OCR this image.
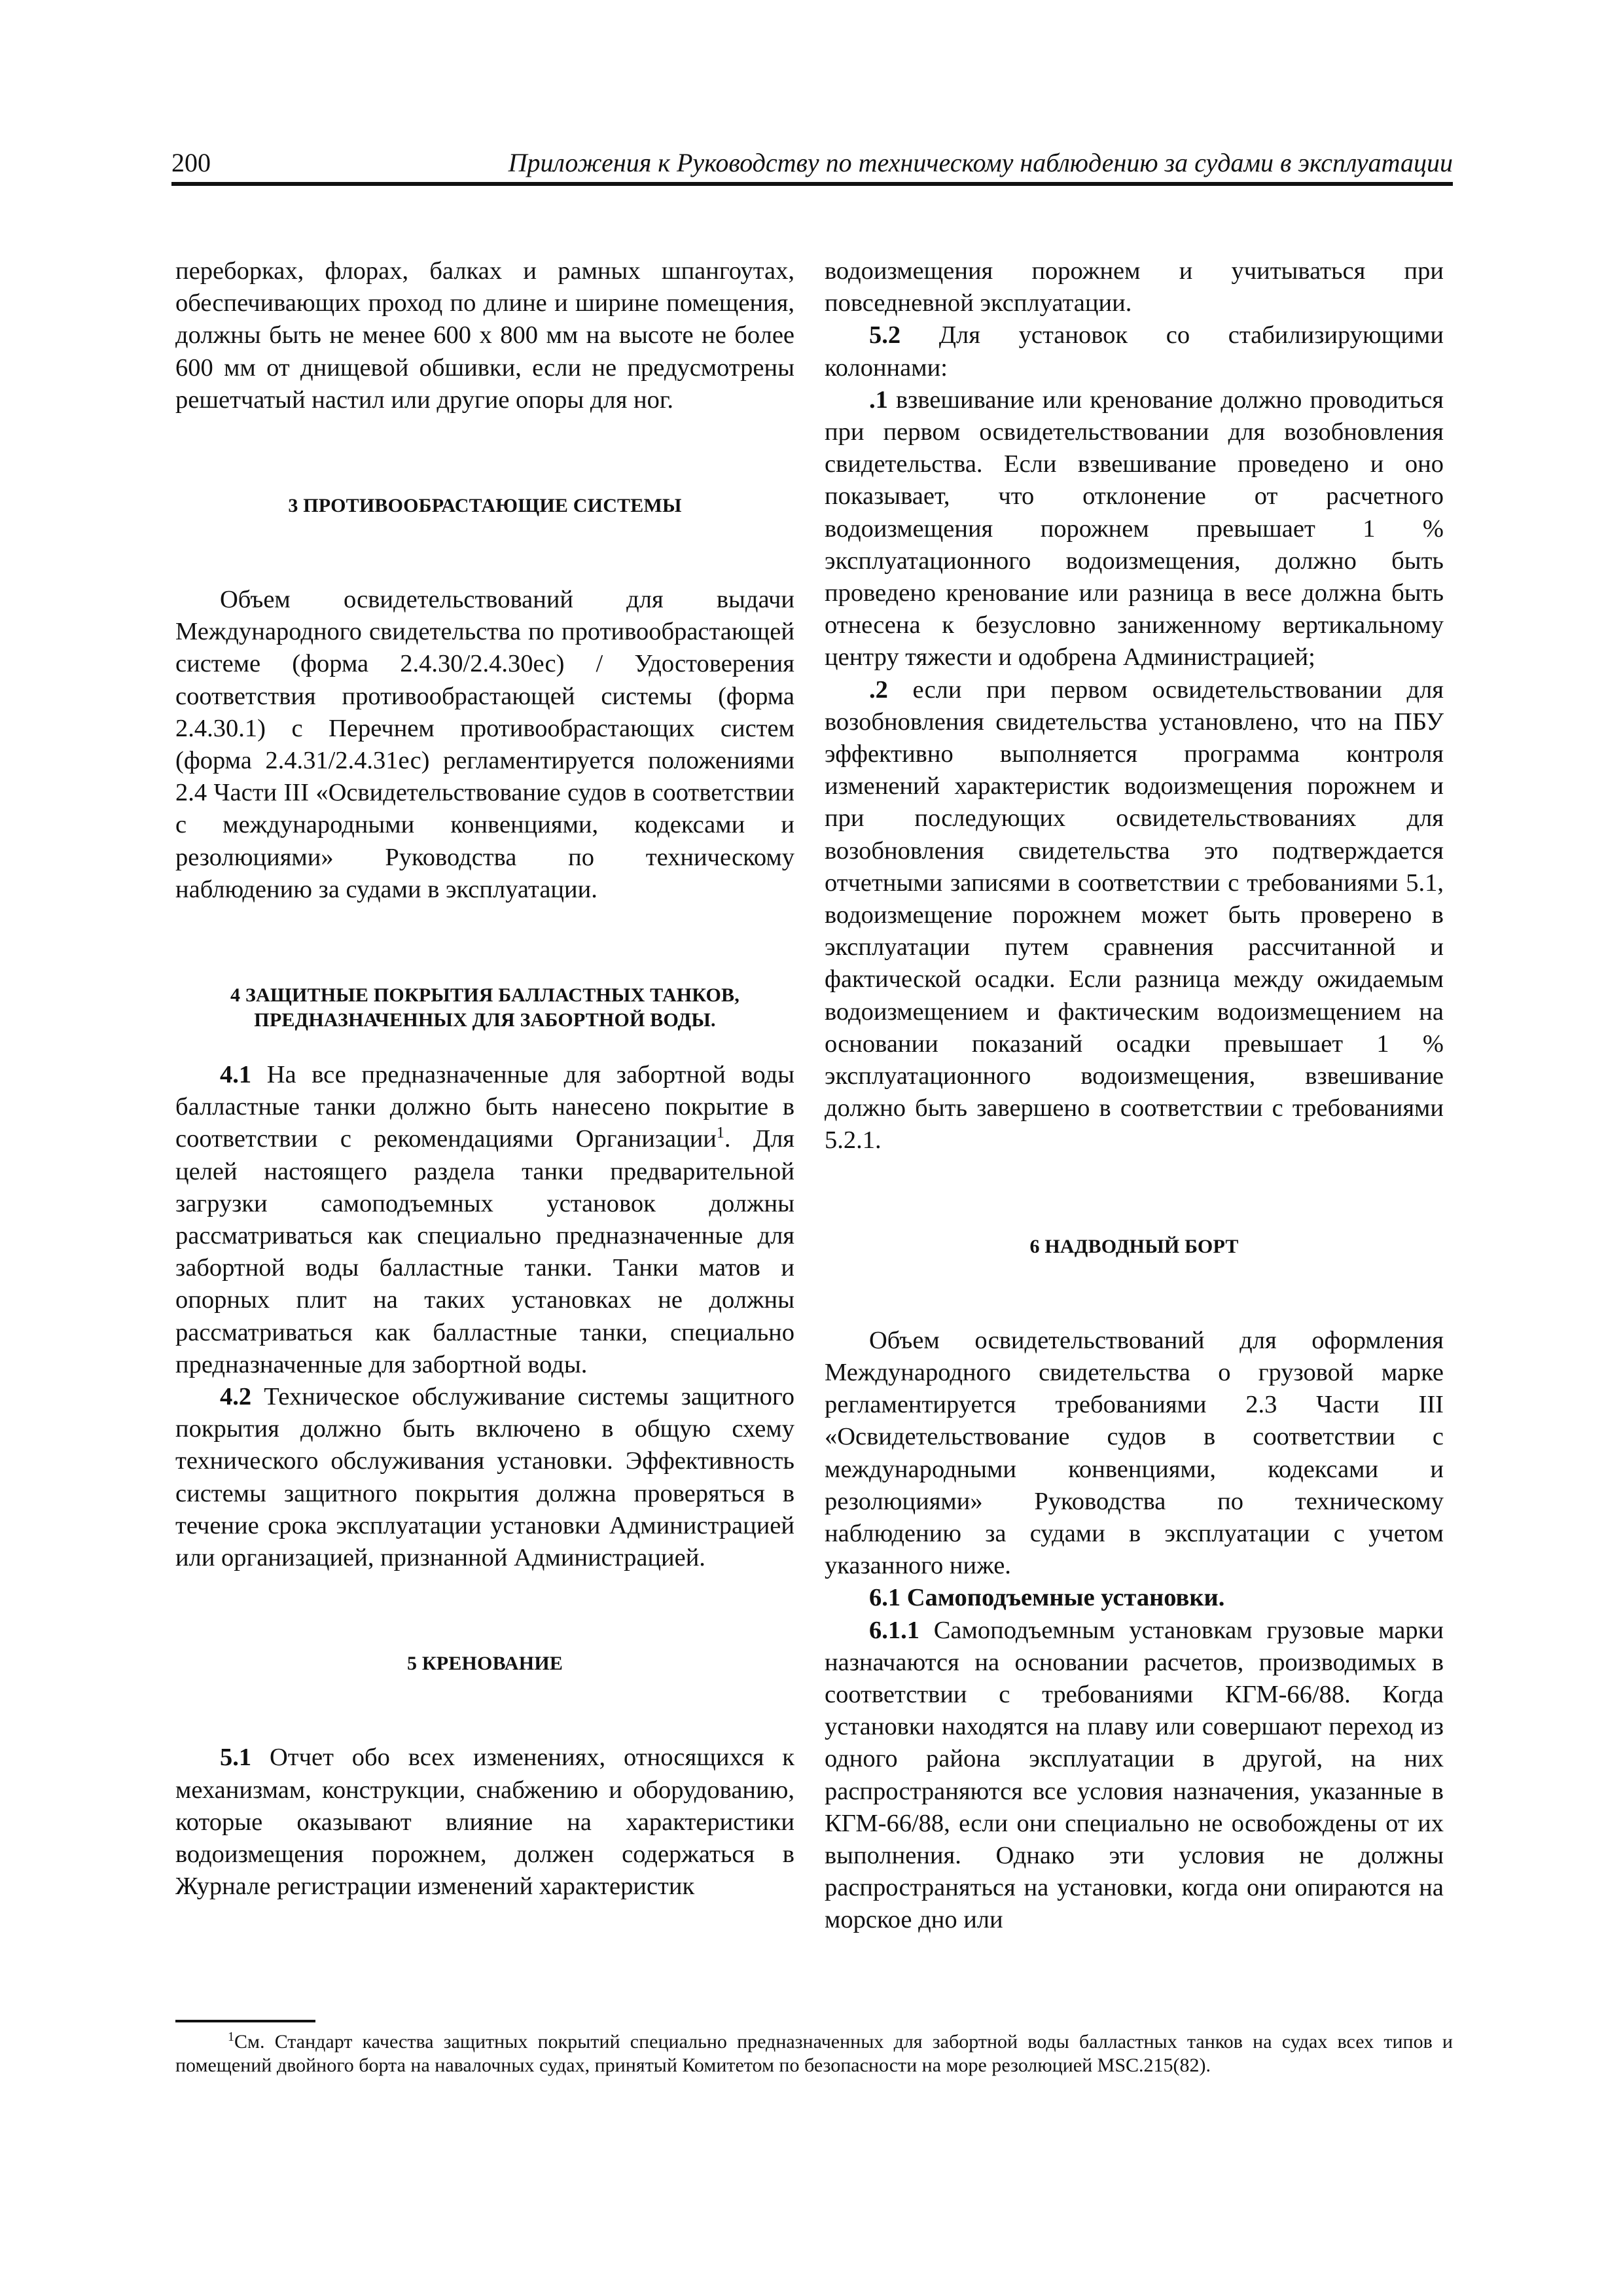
200	Приложения к Руководству по техническому наблюдению за судами в эксплуатации

переборках, флорах, балках и рамных шпангоутах, обеспечивающих проход по длине и ширине помещения, должны быть не менее 600 х 800 мм на высоте не более 600 мм от днищевой обшивки, если не предусмотрены решетчатый настил или другие опоры для ног.

3 ПРОТИВООБРАСТАЮЩИЕ СИСТЕМЫ

Объем освидетельствований для выдачи Международного свидетельства по противообрастающей системе (форма 2.4.30/2.4.30ес) / Удостоверения соответствия противообрастающей системы (форма 2.4.30.1) с Перечнем противообрастающих систем (форма 2.4.31/2.4.31ес) регламентируется положениями 2.4 Части III «Освидетельствование судов в соответствии с международными конвенциями, кодексами и резолюциями» Руководства по техническому наблюдению за судами в эксплуатации.

4 ЗАЩИТНЫЕ ПОКРЫТИЯ БАЛЛАСТНЫХ ТАНКОВ,
ПРЕДНАЗНАЧЕННЫХ ДЛЯ ЗАБОРТНОЙ ВОДЫ.

4.1 На все предназначенные для забортной воды балластные танки должно быть нанесено покрытие в соответствии с рекомендациями Организации$^1$. Для целей настоящего раздела танки предварительной загрузки самоподъемных установок должны рассматриваться как специально предназначенные для забортной воды балластные танки. Танки матов и опорных плит на таких установках не должны рассматриваться как балластные танки, специально предназначенные для забортной воды.

4.2 Техническое обслуживание системы защитного покрытия должно быть включено в общую схему технического обслуживания установки. Эффективность системы защитного покрытия должна проверяться в течение срока эксплуатации установки Администрацией или организацией, признанной Администрацией.

5 КРЕНОВАНИЕ

5.1 Отчет обо всех изменениях, относящихся к механизмам, конструкции, снабжению и оборудованию, которые оказывают влияние на характеристики водоизмещения порожнем, должен содержаться в Журнале регистрации изменений характеристик

водоизмещения порожнем и учитываться при повседневной эксплуатации.

5.2 Для установок со стабилизирующими колоннами:

.1 взвешивание или кренование должно проводиться при первом освидетельствовании для возобновления свидетельства. Если взвешивание проведено и оно показывает, что отклонение от расчетного водоизмещения порожнем превышает 1 % эксплуатационного водоизмещения, должно быть проведено кренование или разница в весе должна быть отнесена к безусловно заниженному вертикальному центру тяжести и одобрена Администрацией;

.2 если при первом освидетельствовании для возобновления свидетельства установлено, что на ПБУ эффективно выполняется программа контроля изменений характеристик водоизмещения порожнем и при последующих освидетельствованиях для возобновления свидетельства это подтверждается отчетными записями в соответствии с требованиями 5.1, водоизмещение порожнем может быть проверено в эксплуатации путем сравнения рассчитанной и фактической осадки. Если разница между ожидаемым водоизмещением и фактическим водоизмещением на основании показаний осадки превышает 1 % эксплуатационного водоизмещения, взвешивание должно быть завершено в соответствии с требованиями 5.2.1.

6 НАДВОДНЫЙ БОРТ

Объем освидетельствований для оформления Международного свидетельства о грузовой марке регламентируется требованиями 2.3 Части III «Освидетельствование судов в соответствии с международными конвенциями, кодексами и резолюциями» Руководства по техническому наблюдению за судами в эксплуатации с учетом указанного ниже.

6.1 Самоподъемные установки.

6.1.1 Самоподъемным установкам грузовые марки назначаются на основании расчетов, производимых в соответствии с требованиями КГМ-66/88. Когда установки находятся на плаву или совершают переход из одного района эксплуатации в другой, на них распространяются все условия назначения, указанные в КГМ-66/88, если они специально не освобождены от их выполнения. Однако эти условия не должны распространяться на установки, когда они опираются на морское дно или

$^1$См. Стандарт качества защитных покрытий специально предназначенных для забортной воды балластных танков на судах всех типов и помещений двойного борта на навалочных судах, принятый Комитетом по безопасности на море резолюцией MSC.215(82).
